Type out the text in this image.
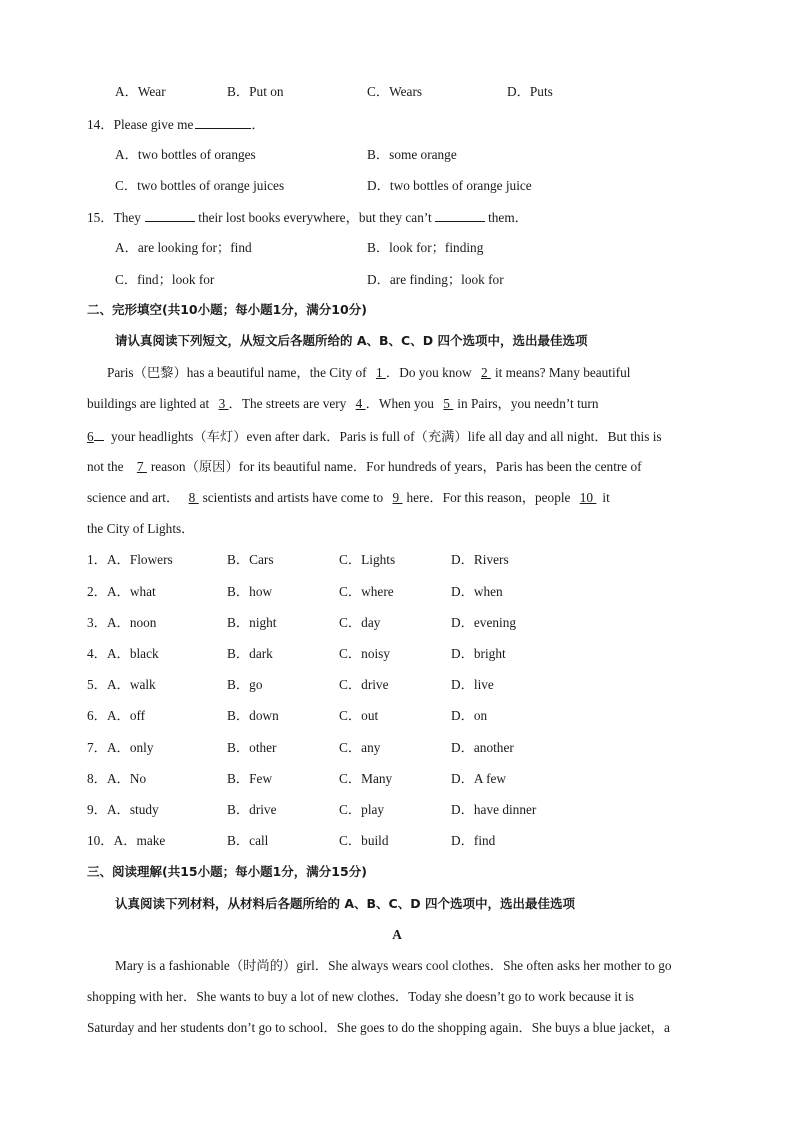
A．Wear	B．Put on	C．Wears	D．Puts
14．Please give me	．
A．two bottles of oranges	B．some orange
C．two bottles of orange juices	D．two bottles of orange juice
15．They	their lost books everywhere，but they can’t	them．
A．are looking for；find	B．look for；finding
C．find；look for	D．are finding；look for
二、完形填空(共10小题；每小题1分，满分10分)
请认真阅读下列短文，从短文后各题所给的 A、B、C、D 四个选项中，选出最佳选项
Paris（巴黎）has a beautiful name，the City of 1 ．Do you know 2 it means? Many beautiful
buildings are lighted at 3 ．The streets are very 4 ．When you 5 in Pairs，you needn’t turn
6 your headlights（车灯）even after dark．Paris is full of（充满）life all day and all night．But this is
not the 7 reason（原因）for its beautiful name．For hundreds of years，Paris has been the centre of
science and art． 8 scientists and artists have come to 9 here．For this reason，people 10 it
the City of Lights．
1．A．Flowers	B．Cars	C．Lights	D．Rivers
2．A．what	B．how	C．where	D．when
3．A．noon	B．night	C．day	D．evening
4．A．black	B．dark	C．noisy	D．bright
5．A．walk	B．go	C．drive	D．live
6．A．off	B．down	C．out	D．on
7．A．only	B．other	C．any	D．another
8．A．No	B．Few	C．Many	D．A few
9．A．study	B．drive	C．play	D．have dinner
10．A．make	B．call	C．build	D．find
三、阅读理解(共15小题；每小题1分，满分15分)
认真阅读下列材料，从材料后各题所给的 A、B、C、D 四个选项中，选出最佳选项
A
Mary is a fashionable（时尚的）girl．She always wears cool clothes．She often asks her mother to go
shopping with her．She wants to buy a lot of new clothes．Today she doesn’t go to work because it is
Saturday and her students don’t go to school．She goes to do the shopping again．She buys a blue jacket，a
